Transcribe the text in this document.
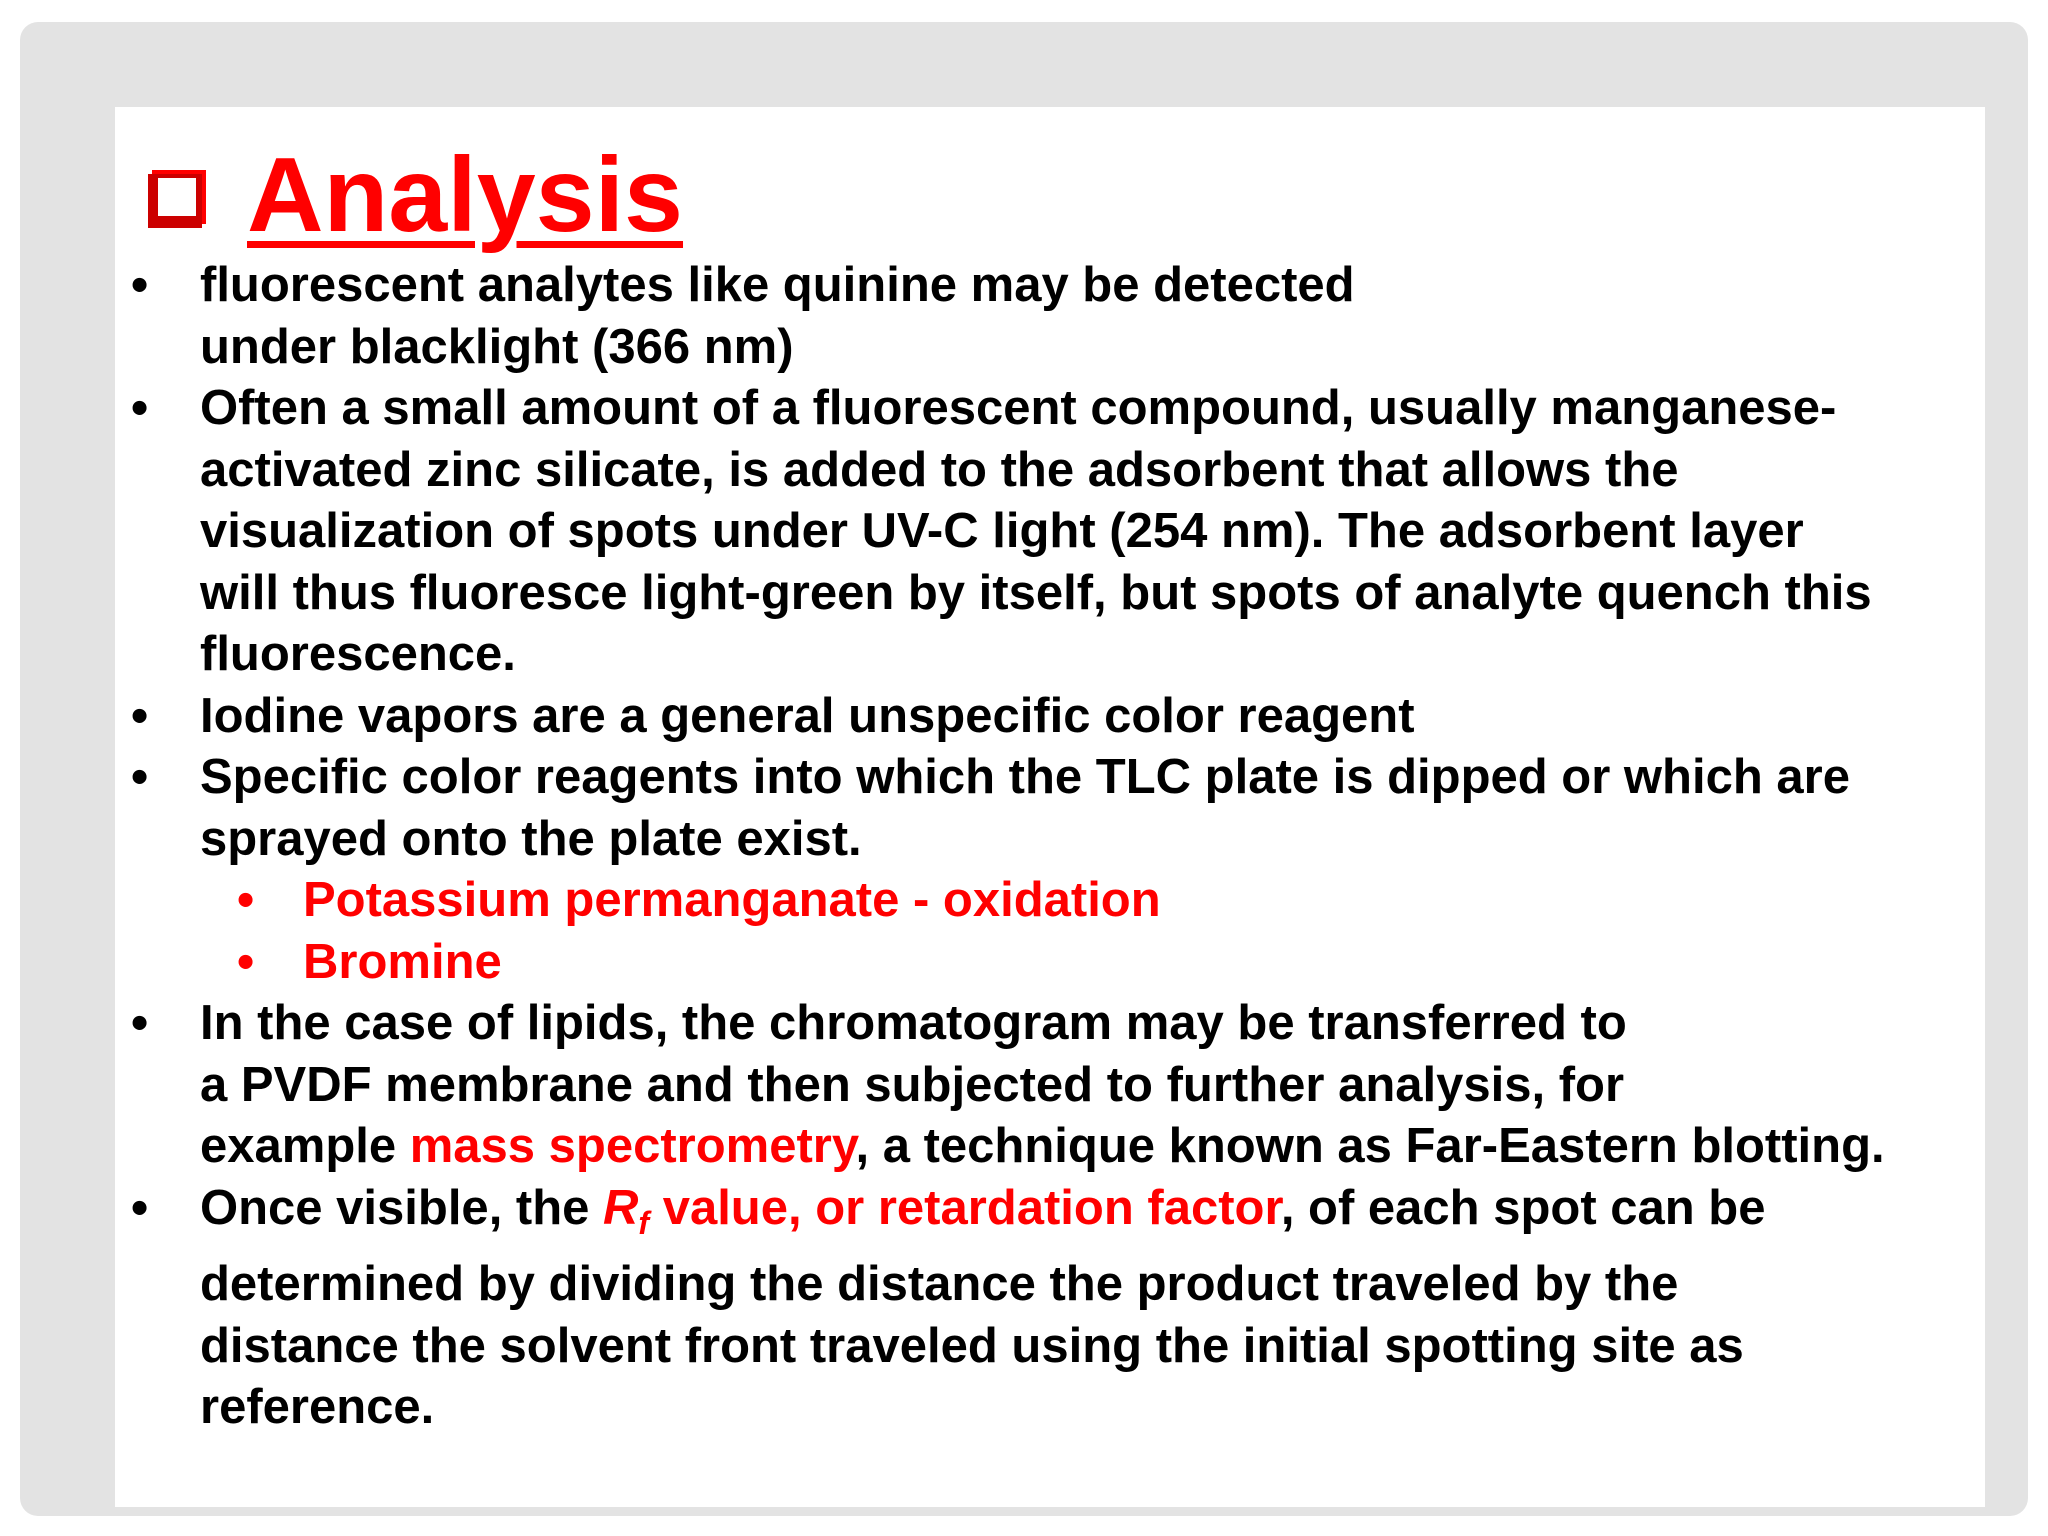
Analysis
• fluorescent analytes like quinine may be detected
under blacklight (366 nm)
• Often a small amount of a fluorescent compound, usually manganese-
activated zinc silicate, is added to the adsorbent that allows the
visualization of spots under UV-C light (254 nm). The adsorbent layer
will thus fluoresce light-green by itself, but spots of analyte quench this
fluorescence.
• Iodine vapors are a general unspecific color reagent
• Specific color reagents into which the TLC plate is dipped or which are
sprayed onto the plate exist.
• Potassium permanganate - oxidation
• Bromine
• In the case of lipids, the chromatogram may be transferred to
a PVDF membrane and then subjected to further analysis, for
example mass spectrometry, a technique known as Far-Eastern blotting.
• Once visible, the $R_f$ value, or retardation factor, of each spot can be
determined by dividing the distance the product traveled by the
distance the solvent front traveled using the initial spotting site as
reference.
